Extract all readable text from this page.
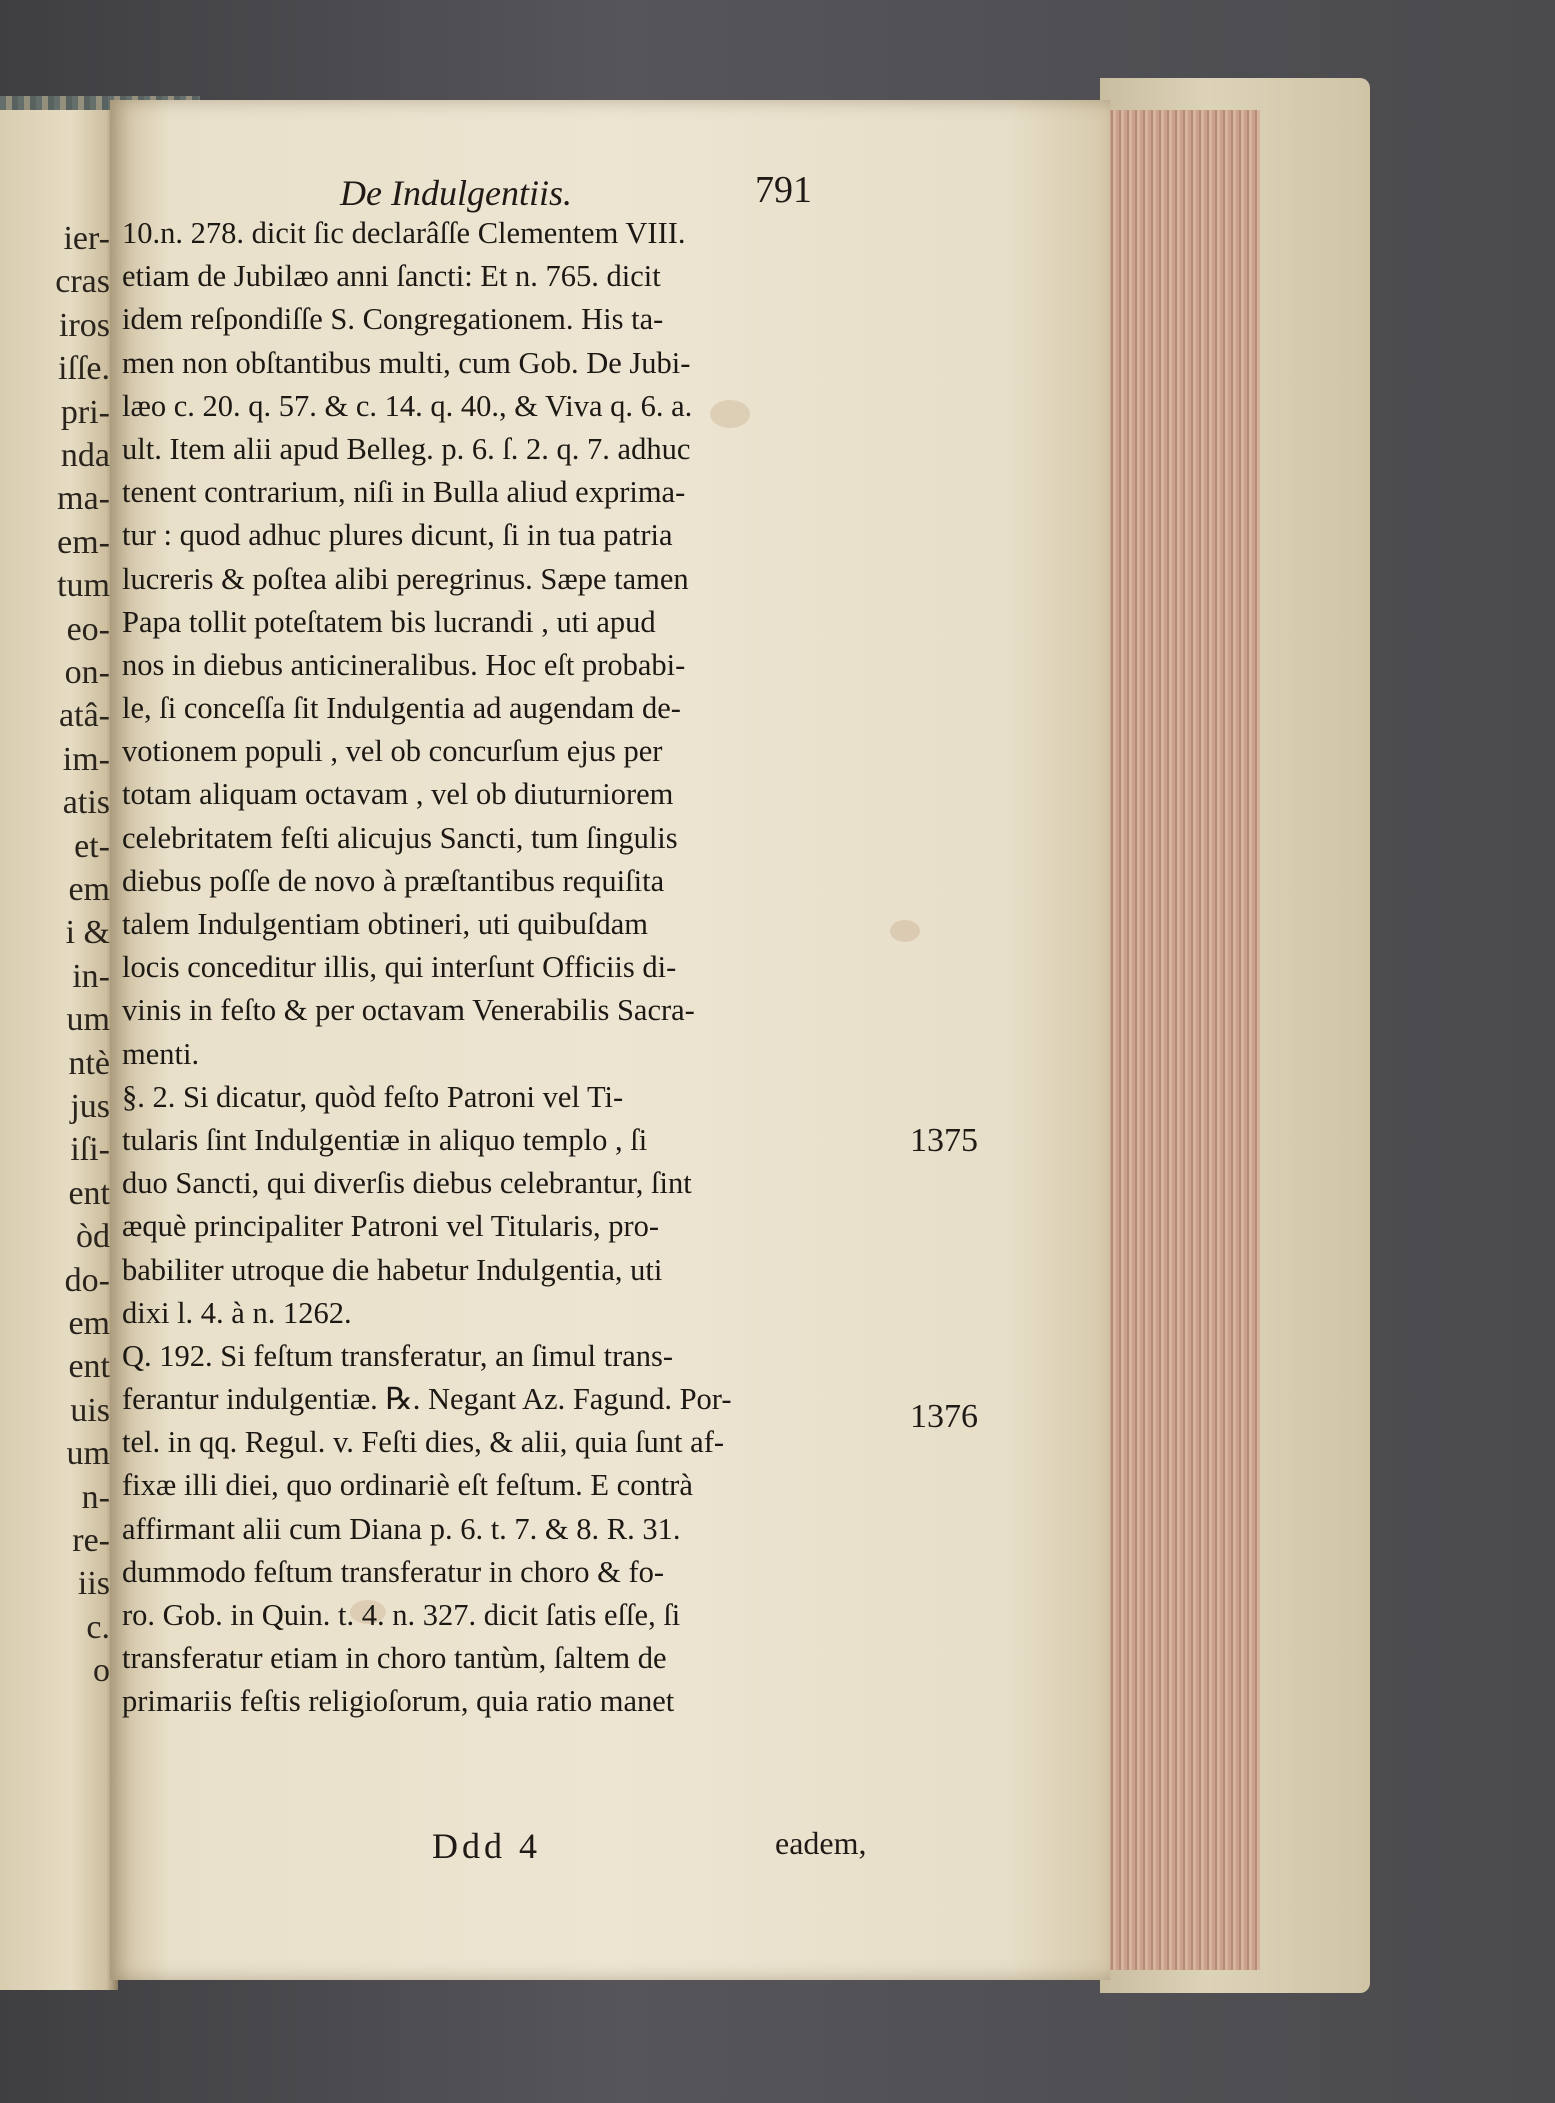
ier-
cras
iros
iſſe.
pri-
nda
ma-
em-
tum
eo-
on-
atâ-
im-
atis
et-
em
i &
in-
um
ntè
jus
iſi-
ent
òd
do-
em
ent
uis
um
n-
re-
iis
c.
o
De Indulgentiis.	791
10.n. 278. dicit ſic declarâſſe Clementem VIII.
etiam de Jubilæo anni ſancti: Et n. 765. dicit
idem reſpondiſſe S. Congregationem. His ta-
men non obſtantibus multi, cum Gob. De Jubi-
læo c. 20. q. 57. & c. 14. q. 40., & Viva q. 6. a.
ult. Item alii apud Belleg. p. 6. ſ. 2. q. 7. adhuc
tenent contrarium, niſi in Bulla aliud exprima-
tur : quod adhuc plures dicunt, ſi in tua patria
lucreris & poſtea alibi peregrinus. Sæpe tamen
Papa tollit poteſtatem bis lucrandi , uti apud
nos in diebus anticineralibus. Hoc eſt probabi-
le, ſi conceſſa ſit Indulgentia ad augendam de-
votionem populi , vel ob concurſum ejus per
totam aliquam octavam , vel ob diuturniorem
celebritatem feſti alicujus Sancti, tum ſingulis
diebus poſſe de novo à præſtantibus requiſita
talem Indulgentiam obtineri, uti quibuſdam
locis conceditur illis, qui interſunt Officiis di-
vinis in feſto & per octavam Venerabilis Sacra-
menti.
§. 2. Si dicatur, quòd feſto Patroni vel Ti-
tularis ſint Indulgentiæ in aliquo templo , ſi
duo Sancti, qui diverſis diebus celebrantur, ſint
æquè principaliter Patroni vel Titularis, pro-
babiliter utroque die habetur Indulgentia, uti
dixi l. 4. à n. 1262.
Q. 192. Si feſtum transferatur, an ſimul trans-
ferantur indulgentiæ. ℞. Negant Az. Fagund. Por-
tel. in qq. Regul. v. Feſti dies, & alii, quia ſunt af-
fixæ illi diei, quo ordinariè eſt feſtum. E contrà
affirmant alii cum Diana p. 6. t. 7. & 8. R. 31.
dummodo feſtum transferatur in choro & fo-
ro. Gob. in Quin. t. 4. n. 327. dicit ſatis eſſe, ſi
transferatur etiam in choro tantùm, ſaltem de
primariis feſtis religioſorum, quia ratio manet
1375
1376
Ddd 4	eadem,
